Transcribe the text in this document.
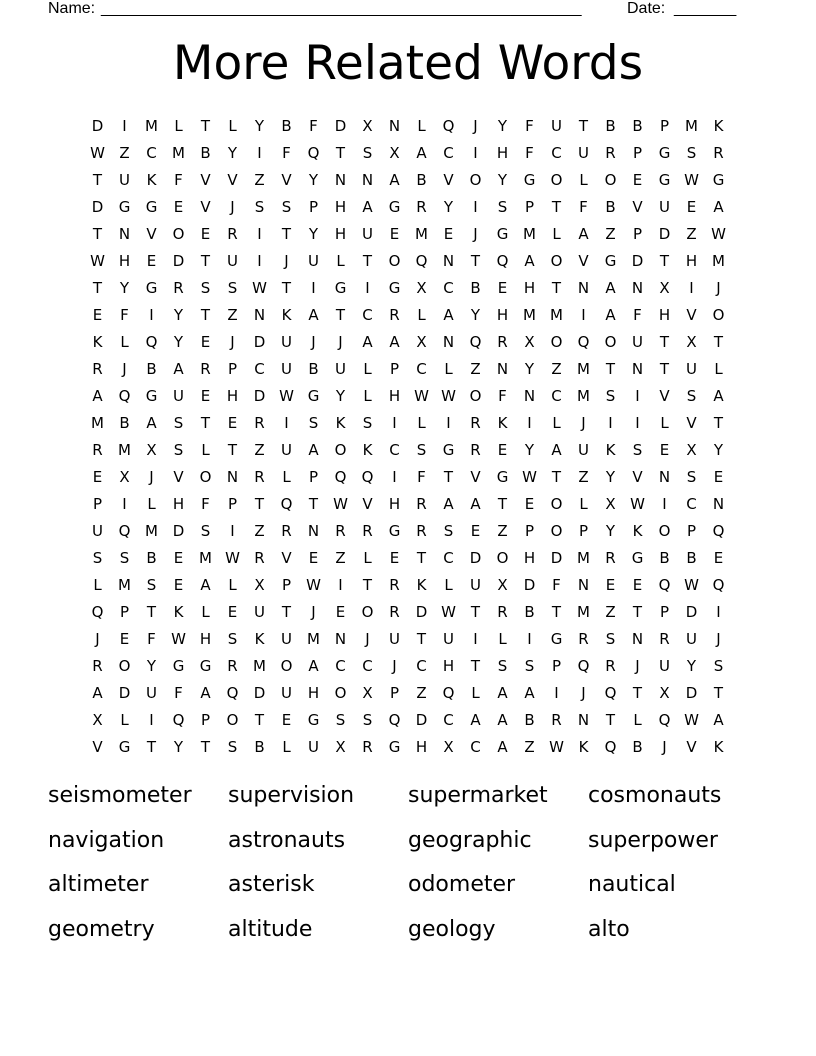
Name: ______________________________________________________	Date: _______
More Related Words
D	I	M	L	T	L	Y	B	F	D	X	N	L	Q	J	Y	F	U	T	B	B	P	M	K
W Z	C	M	B	Y	I	F	Q	T	S	X	A	C	I	H	F	C	U	R	P	G	S	R
T	U	K	F	V	V	Z	V	Y	N	N	A	B	V	O	Y	G	O	L	O	E	G W G
D	G	G	E	V	J	S	S	P	H	A	G	R	Y	I	S	P	T	F	B	V	U	E	A
T	N	V	O	E	R	I	T	Y	H	U	E	M	E	J	G M	L	A	Z	P	D	Z W
W H	E	D	T	U	I	J	U	L	T	O	Q	N	T	Q	A	O	V	G	D	T	H M
T	Y	G	R	S	S W T	I	G	I	G	X	C	B	E	H	T	N	A	N	X	I	J
E	F	I	Y	T	Z	N	K	A	T	C	R	L	A	Y	H M M	I	A	F	H	V	O
K	L	Q	Y	E	J	D	U	J	J	A	A	X	N	Q	R	X	O	Q	O	U	T	X	T
R	J	B	A	R	P	C	U	B	U	L	P	C	L	Z	N	Y	Z	M	T	N	T	U	L
A	Q	G	U	E	H	D W G	Y	L	H W W O	F	N	C	M	S	I	V	S	A
M	B	A	S	T	E	R	I	S	K	S	I	L	I	R	K	I	L	J	I	I	L	V	T
R	M	X	S	L	T	Z	U	A	O	K	C	S	G	R	E	Y	A	U	K	S	E	X	Y
E	X	J	V	O	N	R	L	P	Q	Q	I	F	T	V	G W T	Z	Y	V	N	S	E
P	I	L	H	F	P	T	Q	T	W V	H	R	A	A	T	E	O	L	X W	I	C	N
U	Q M D	S	I	Z	R	N	R	R	G	R	S	E	Z	P	O	P	Y	K	O	P	Q
S	S	B	E	M W R	V	E	Z	L	E	T	C	D	O	H	D M	R	G	B	B	E
L	M	S	E	A	L	X	P	W	I	T	R	K	L	U	X	D	F	N	E	E	Q W Q
Q	P	T	K	L	E	U	T	J	E	O	R	D W T	R	B	T	M	Z	T	P	D	I
J	E	F	W H	S	K	U	M N	J	U	T	U	I	L	I	G	R	S	N	R	U	J
R	O	Y	G	G	R	M O	A	C	C	J	C	H	T	S	S	P	Q	R	J	U	Y	S
A	D	U	F	A	Q	D	U	H	O	X	P	Z	Q	L	A	A	I	J	Q	T	X	D	T
X	L	I	Q	P	O	T	E	G	S	S	Q	D	C	A	A	B	R	N	T	L	Q W A
V	G	T	Y	T	S	B	L	U	X	R	G	H	X	C	A	Z W K	Q	B	J	V	K
seismometer	supervision	supermarket	cosmonauts
navigation	astronauts	geographic	superpower
altimeter	asterisk	odometer	nautical
geometry	altitude	geology	alto
